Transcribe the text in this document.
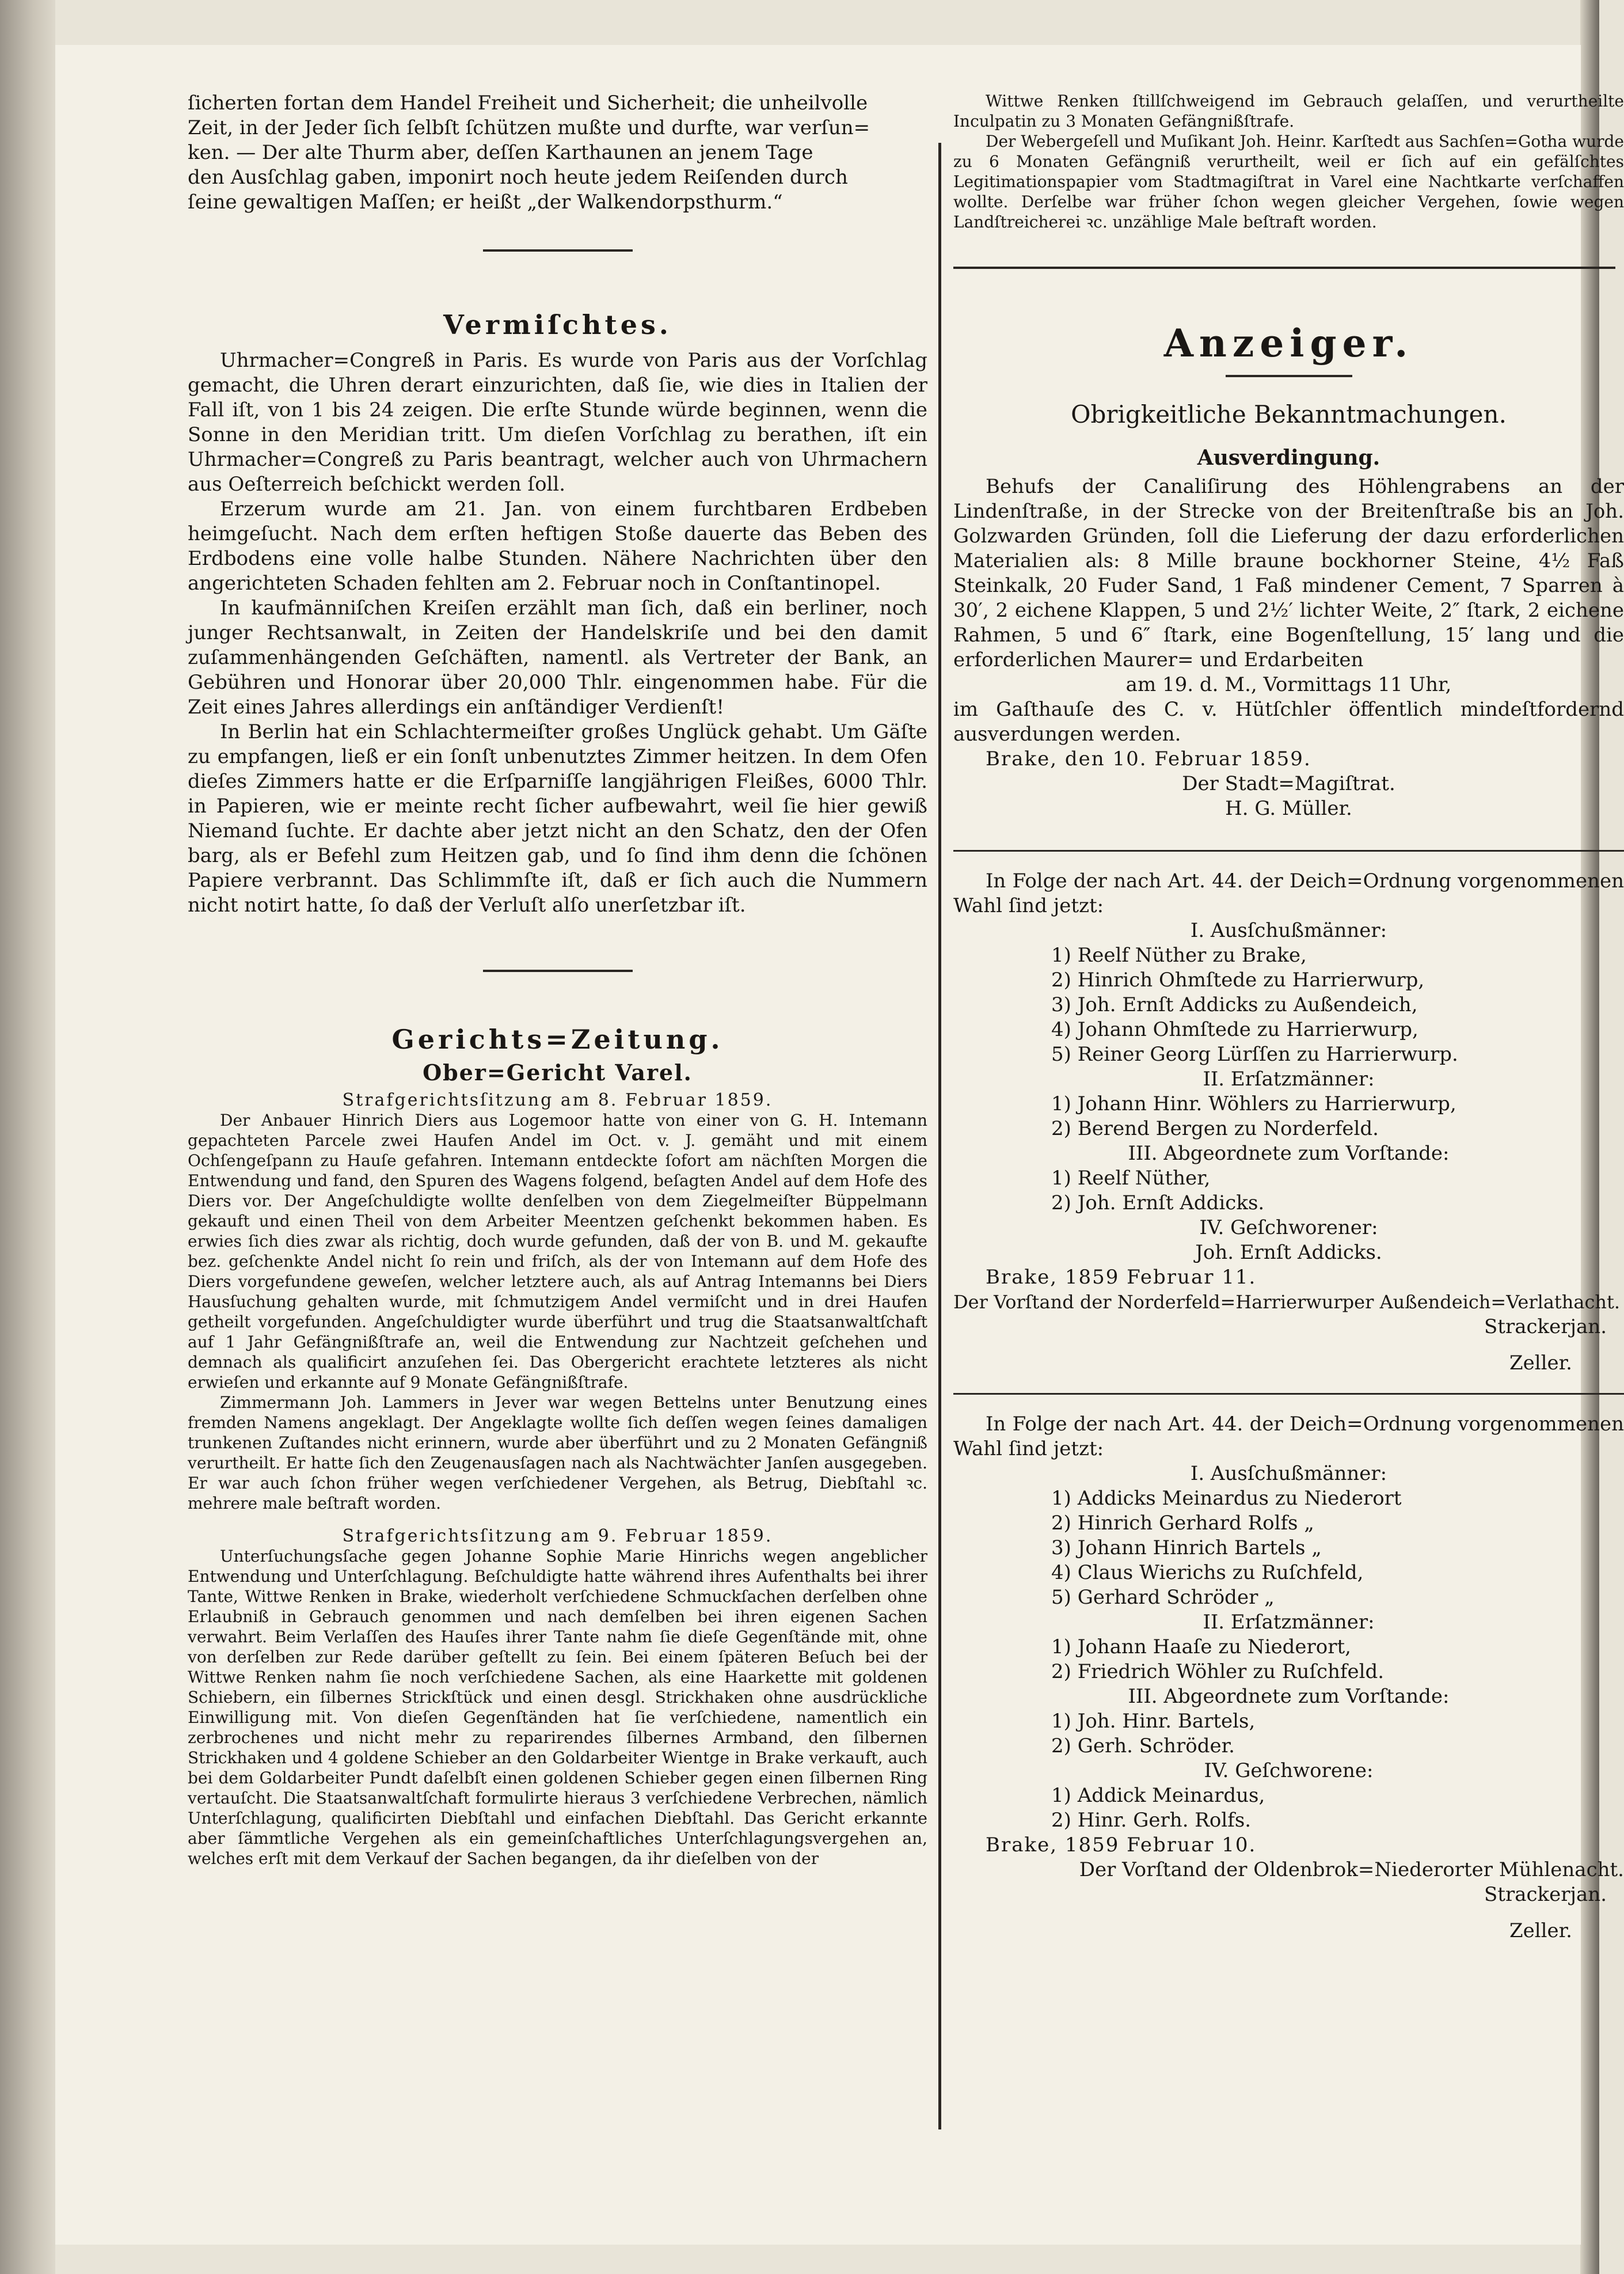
ſicherten fortan dem Handel Freiheit und Sicherheit; die unheilvolle

Zeit, in der Jeder ſich ſelbſt ſchützen mußte und durfte, war verſun=

ken. — Der alte Thurm aber, deſſen Karthaunen an jenem Tage

den Ausſchlag gaben, imponirt noch heute jedem Reiſenden durch

ſeine gewaltigen Maſſen; er heißt „der Walkendorpsthurm.“

Vermiſchtes.

Uhrmacher=Congreß in Paris. Es wurde von Paris aus der Vorſchlag gemacht, die Uhren derart einzurichten, daß ſie, wie dies in Italien der Fall iſt, von 1 bis 24 zeigen. Die erſte Stunde würde beginnen, wenn die Sonne in den Meridian tritt. Um dieſen Vorſchlag zu berathen, iſt ein Uhrmacher=Congreß zu Paris beantragt, welcher auch von Uhrmachern aus Oeſterreich beſchickt werden ſoll.

Erzerum wurde am 21. Jan. von einem furchtbaren Erdbeben heimgeſucht. Nach dem erſten heftigen Stoße dauerte das Beben des Erdbodens eine volle halbe Stunden. Nähere Nachrichten über den angerichteten Schaden fehlten am 2. Februar noch in Conſtantinopel.

In kaufmänniſchen Kreiſen erzählt man ſich, daß ein berliner, noch junger Rechtsanwalt, in Zeiten der Handelskriſe und bei den damit zuſammenhängenden Geſchäften, namentl. als Vertreter der Bank, an Gebühren und Honorar über 20,000 Thlr. eingenommen habe. Für die Zeit eines Jahres allerdings ein anſtändiger Verdienſt!

In Berlin hat ein Schlachtermeiſter großes Unglück gehabt. Um Gäſte zu empfangen, ließ er ein ſonſt unbenutztes Zimmer heitzen. In dem Ofen dieſes Zimmers hatte er die Erſparniſſe langjährigen Fleißes, 6000 Thlr. in Papieren, wie er meinte recht ſicher aufbewahrt, weil ſie hier gewiß Niemand ſuchte. Er dachte aber jetzt nicht an den Schatz, den der Ofen barg, als er Befehl zum Heitzen gab, und ſo ſind ihm denn die ſchönen Papiere verbrannt. Das Schlimmſte iſt, daß er ſich auch die Nummern nicht notirt hatte, ſo daß der Verluſt alſo unerſetzbar iſt.

Gerichts=Zeitung.

Ober=Gericht Varel.

Strafgerichtsſitzung am 8. Februar 1859.

Der Anbauer Hinrich Diers aus Logemoor hatte von einer von G. H. Intemann gepachteten Parcele zwei Haufen Andel im Oct. v. J. gemäht und mit einem Ochſengeſpann zu Hauſe gefahren. Intemann entdeckte ſofort am nächſten Morgen die Entwendung und fand, den Spuren des Wagens folgend, beſagten Andel auf dem Hofe des Diers vor. Der Angeſchuldigte wollte denſelben von dem Ziegelmeiſter Büppelmann gekauft und einen Theil von dem Arbeiter Meentzen geſchenkt bekommen haben. Es erwies ſich dies zwar als richtig, doch wurde gefunden, daß der von B. und M. gekaufte bez. geſchenkte Andel nicht ſo rein und friſch, als der von Intemann auf dem Hofe des Diers vorgefundene geweſen, welcher letztere auch, als auf Antrag Intemanns bei Diers Hausſuchung gehalten wurde, mit ſchmutzigem Andel vermiſcht und in drei Haufen getheilt vorgefunden. Angeſchuldigter wurde überführt und trug die Staatsanwaltſchaft auf 1 Jahr Gefängnißſtrafe an, weil die Entwendung zur Nachtzeit geſchehen und demnach als qualificirt anzuſehen ſei. Das Obergericht erachtete letzteres als nicht erwieſen und erkannte auf 9 Monate Gefängnißſtrafe.

Zimmermann Joh. Lammers in Jever war wegen Bettelns unter Benutzung eines fremden Namens angeklagt. Der Angeklagte wollte ſich deſſen wegen ſeines damaligen trunkenen Zuſtandes nicht erinnern, wurde aber überführt und zu 2 Monaten Gefängniß verurtheilt. Er hatte ſich den Zeugenausſagen nach als Nachtwächter Janſen ausgegeben. Er war auch ſchon früher wegen verſchiedener Vergehen, als Betrug, Diebſtahl ꝛc. mehrere male beſtraft worden.

Strafgerichtsſitzung am 9. Februar 1859.

Unterſuchungsſache gegen Johanne Sophie Marie Hinrichs wegen angeblicher Entwendung und Unterſchlagung. Beſchuldigte hatte während ihres Aufenthalts bei ihrer Tante, Wittwe Renken in Brake, wiederholt verſchiedene Schmuckſachen derſelben ohne Erlaubniß in Gebrauch genommen und nach demſelben bei ihren eigenen Sachen verwahrt. Beim Verlaſſen des Hauſes ihrer Tante nahm ſie dieſe Gegenſtände mit, ohne von derſelben zur Rede darüber geſtellt zu ſein. Bei einem ſpäteren Beſuch bei der Wittwe Renken nahm ſie noch verſchiedene Sachen, als eine Haarkette mit goldenen Schiebern, ein ſilbernes Strickſtück und einen desgl. Strickhaken ohne ausdrückliche Einwilligung mit. Von dieſen Gegenſtänden hat ſie verſchiedene, namentlich ein zerbrochenes und nicht mehr zu reparirendes ſilbernes Armband, den ſilbernen Strickhaken und 4 goldene Schieber an den Goldarbeiter Wientge in Brake verkauft, auch bei dem Goldarbeiter Pundt daſelbſt einen goldenen Schieber gegen einen ſilbernen Ring vertauſcht. Die Staatsanwaltſchaft formulirte hieraus 3 verſchiedene Verbrechen, nämlich Unterſchlagung, qualificirten Diebſtahl und einfachen Diebſtahl. Das Gericht erkannte aber ſämmtliche Vergehen als ein gemeinſchaftliches Unterſchlagungsvergehen an, welches erſt mit dem Verkauf der Sachen begangen, da ihr dieſelben von der

Wittwe Renken ſtillſchweigend im Gebrauch gelaſſen, und verurtheilte Inculpatin zu 3 Monaten Gefängnißſtrafe.

Der Webergeſell und Muſikant Joh. Heinr. Karſtedt aus Sachſen=Gotha wurde zu 6 Monaten Gefängniß verurtheilt, weil er ſich auf ein gefälſchtes Legitimationspapier vom Stadtmagiſtrat in Varel eine Nachtkarte verſchaffen wollte. Derſelbe war früher ſchon wegen gleicher Vergehen, ſowie wegen Landſtreicherei ꝛc. unzählige Male beſtraft worden.

Anzeiger.

Obrigkeitliche Bekanntmachungen.

Ausverdingung.

Behufs der Canaliſirung des Höhlengrabens an der Lindenſtraße, in der Strecke von der Breitenſtraße bis an Joh. Golzwarden Gründen, ſoll die Lieferung der dazu erforderlichen Materialien als: 8 Mille braune bockhorner Steine, 4½ Faß Steinkalk, 20 Fuder Sand, 1 Faß mindener Cement, 7 Sparren à 30′, 2 eichene Klappen, 5 und 2½′ lichter Weite, 2″ ſtark, 2 eichene Rahmen, 5 und 6″ ſtark, eine Bogenſtellung, 15′ lang und die erforderlichen Maurer= und Erdarbeiten

am 19. d. M., Vormittags 11 Uhr,

im Gaſthauſe des C. v. Hütſchler öffentlich mindeſtfordernd ausverdungen werden.

Brake, den 10. Februar 1859.

Der Stadt=Magiſtrat.

H. G. Müller.

In Folge der nach Art. 44. der Deich=Ordnung vorgenommenen Wahl ſind jetzt:

I. Ausſchußmänner:

1) Reelf Nüther zu Brake,

2) Hinrich Ohmſtede zu Harrierwurp,

3) Joh. Ernſt Addicks zu Außendeich,

4) Johann Ohmſtede zu Harrierwurp,

5) Reiner Georg Lürſſen zu Harrierwurp.

II. Erſatzmänner:

1) Johann Hinr. Wöhlers zu Harrierwurp,

2) Berend Bergen zu Norderfeld.

III. Abgeordnete zum Vorſtande:

1) Reelf Nüther,

2) Joh. Ernſt Addicks.

IV. Geſchworener:

Joh. Ernſt Addicks.

Brake, 1859 Februar 11.

Der Vorſtand der Norderfeld=Harrierwurper Außendeich=Verlathacht.

Strackerjan.

Zeller.

In Folge der nach Art. 44. der Deich=Ordnung vorgenommenen Wahl ſind jetzt:

I. Ausſchußmänner:

1) Addicks Meinardus zu Niederort

2) Hinrich Gerhard Rolfs „

3) Johann Hinrich Bartels „

4) Claus Wierichs zu Ruſchfeld,

5) Gerhard Schröder „

II. Erſatzmänner:

1) Johann Haaſe zu Niederort,

2) Friedrich Wöhler zu Ruſchfeld.

III. Abgeordnete zum Vorſtande:

1) Joh. Hinr. Bartels,

2) Gerh. Schröder.

IV. Geſchworene:

1) Addick Meinardus,

2) Hinr. Gerh. Rolfs.

Brake, 1859 Februar 10.

Der Vorſtand der Oldenbrok=Niederorter Mühlenacht.

Strackerjan.

Zeller.
